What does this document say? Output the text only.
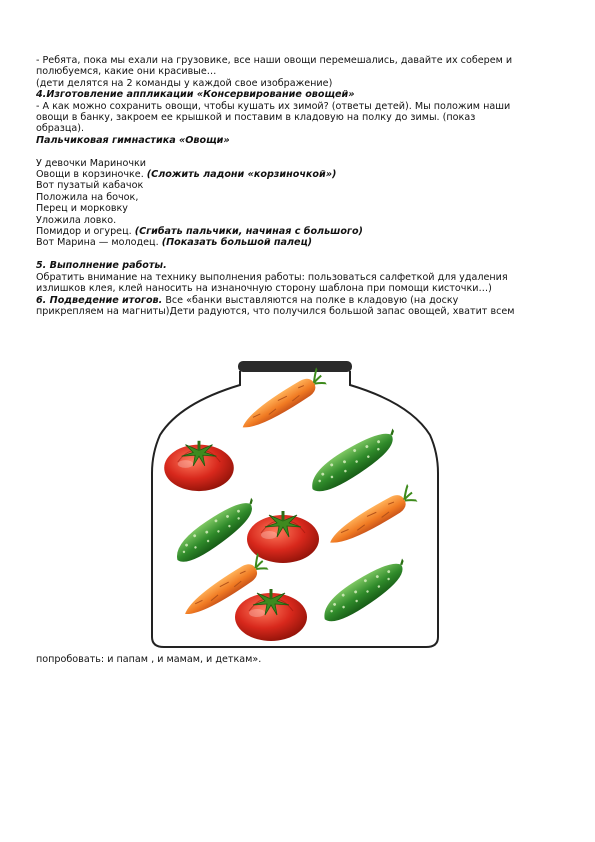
- Ребята, пока мы ехали на грузовике, все наши овощи перемешались, давайте их соберем и
полюбуемся, какие они красивые…
(дети делятся на 2 команды у каждой свое изображение)
4.Изготовление аппликации «Консервирование овощей»
- А как можно сохранить овощи, чтобы кушать их зимой? (ответы детей). Мы положим наши
овощи в банку, закроем ее крышкой и поставим в кладовую на полку до зимы. (показ
образца).
Пальчиковая гимнастика «Овощи»
У девочки Мариночки
Овощи в корзиночке. (Сложить ладони «корзиночкой»)
Вот пузатый кабачок
Положила на бочок,
Перец и морковку
Уложила ловко.
Помидор и огурец. (Сгибать пальчики, начиная с большого)
Вот Марина — молодец. (Показать большой палец)
5. Выполнение работы.
Обратить внимание на технику выполнения работы: пользоваться салфеткой для удаления
излишков клея, клей наносить на изнаночную сторону шаблона при помощи кисточки…)
6. Подведение итогов. Все «банки выставляются на полке в кладовую (на доску
прикрепляем на магниты)Дети радуются, что получился большой запас овощей, хватит всем
попробовать: и папам , и мамам, и деткам».
